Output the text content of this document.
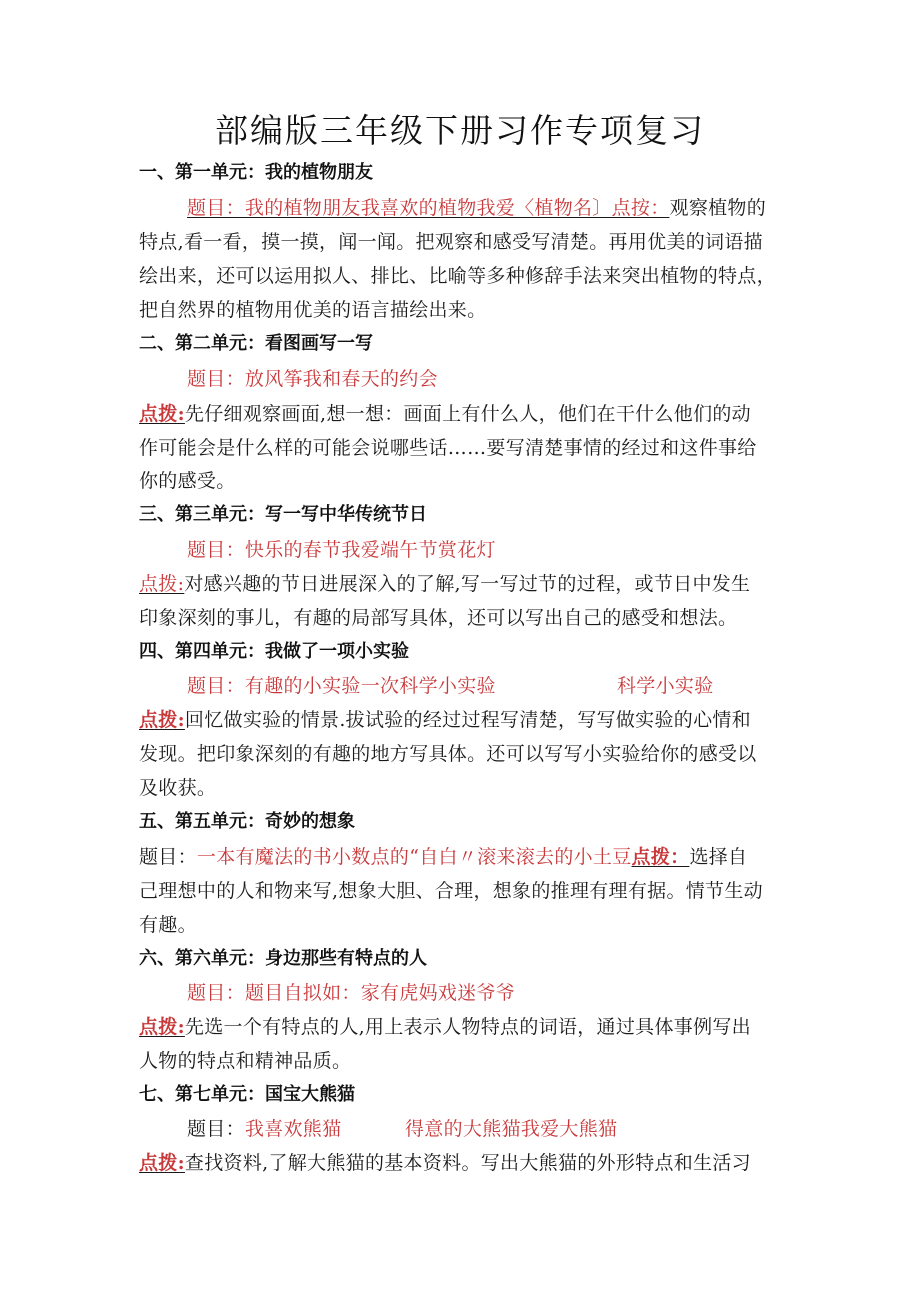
部编版三年级下册习作专项复习
一、第一单元：我的植物朋友
题目：我的植物朋友我喜欢的植物我爱〈植物名〕点按：观察植物的
特点,看一看，摸一摸，闻一闻。把观察和感受写清楚。再用优美的词语描
绘出来，还可以运用拟人、排比、比喻等多种修辞手法来突出植物的特点，
把自然界的植物用优美的语言描绘出来。
二、第二单元：看图画写一写
题目：放风筝我和春天的约会
点拨:先仔细观察画面,想一想：画面上有什么人，他们在干什么他们的动
作可能会是什么样的可能会说哪些话……要写清楚事情的经过和这件事给
你的感受。
三、第三单元：写一写中华传统节日
题目：快乐的春节我爱端午节赏花灯
点拨:对感兴趣的节日进展深入的了解,写一写过节的过程，或节日中发生
印象深刻的事儿，有趣的局部写具体，还可以写出自己的感受和想法。
四、第四单元：我做了一项小实验
题目：有趣的小实验一次科学小实验	科学小实验
点拨:回忆做实验的情景.拔试验的经过过程写清楚，写写做实验的心情和
发现。把印象深刻的有趣的地方写具体。还可以写写小实验给你的感受以
及收获。
五、第五单元：奇妙的想象
题目：一本有魔法的书小数点的“自白〃滚来滚去的小土豆点拨：选择自
己理想中的人和物来写,想象大胆、合理，想象的推理有理有据。情节生动
有趣。
六、第六单元：身边那些有特点的人
题目：题目自拟如：家有虎妈戏迷爷爷
点拨:先选一个有特点的人,用上表示人物特点的词语，通过具体事例写出
人物的特点和精神品质。
七、第七单元：国宝大熊猫
题目：我喜欢熊猫	得意的大熊猫我爱大熊猫
点拨:查找资料,了解大熊猫的基本资料。写出大熊猫的外形特点和生活习
